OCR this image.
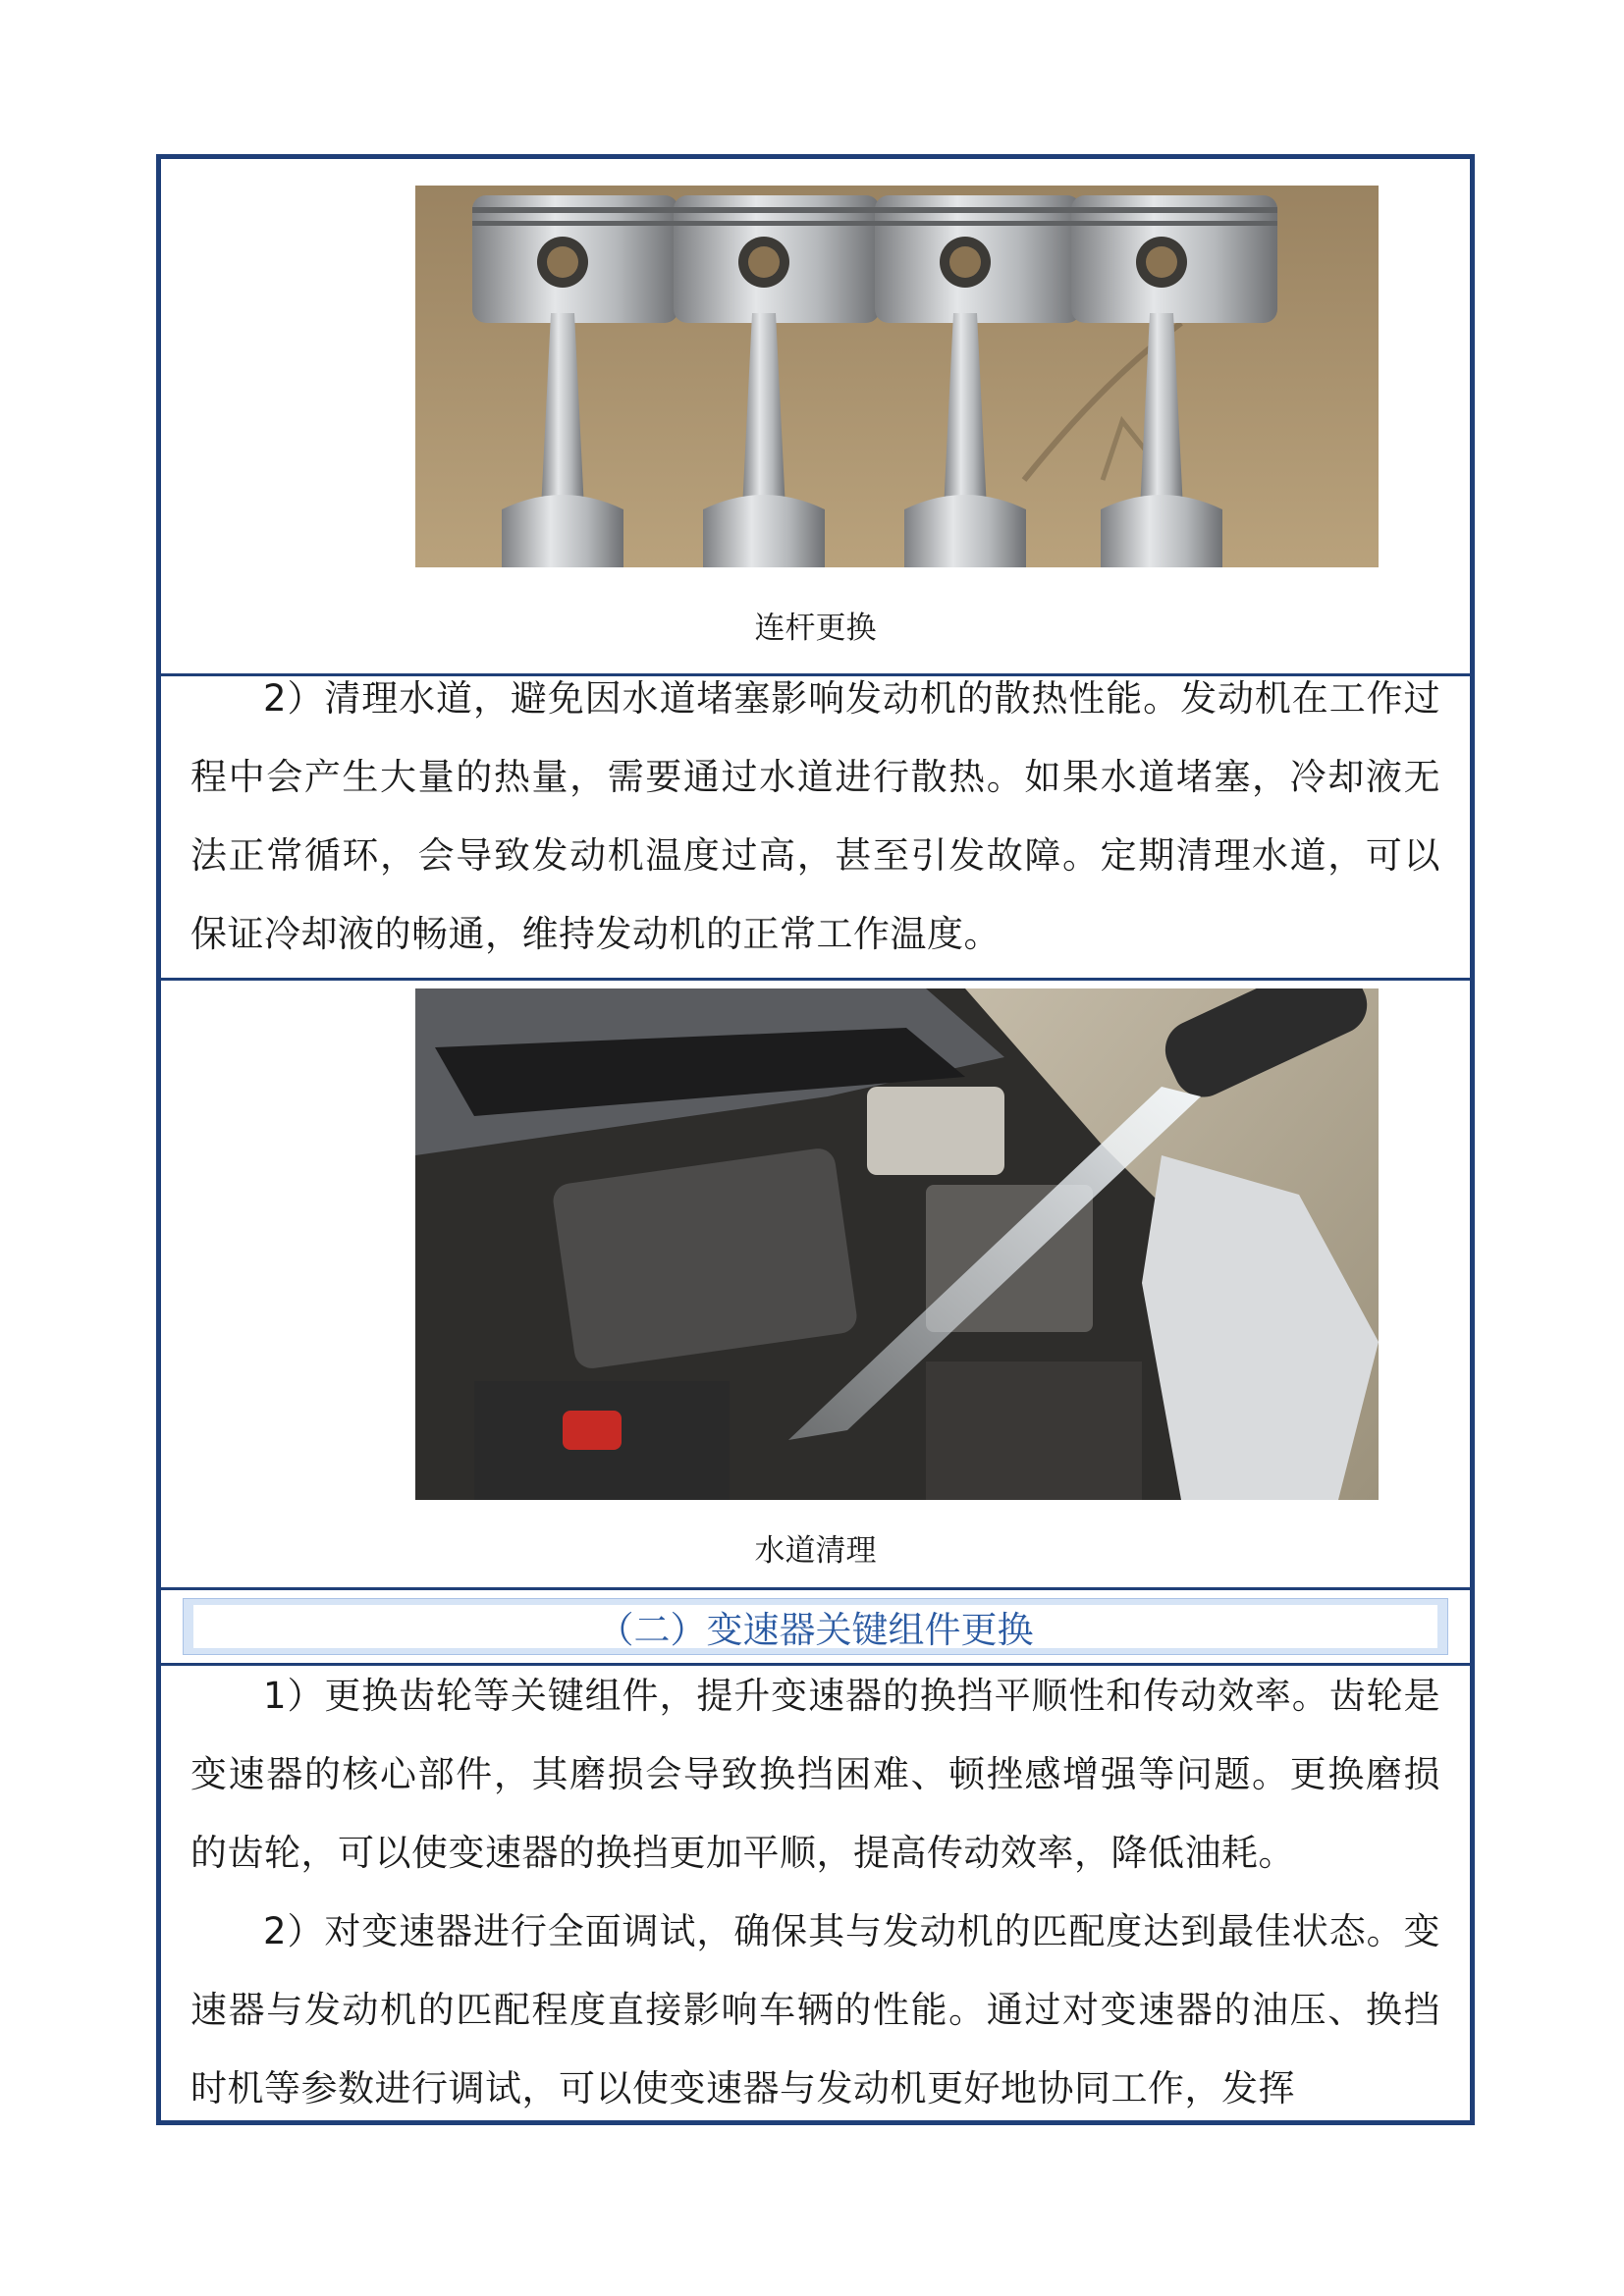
连杆更换
2）清理水道，避免因水道堵塞影响发动机的散热性能。发动机在工作过程中会产生大量的热量，需要通过水道进行散热。如果水道堵塞，冷却液无法正常循环，会导致发动机温度过高，甚至引发故障。定期清理水道，可以保证冷却液的畅通，维持发动机的正常工作温度。
水道清理
（二）变速器关键组件更换
1）更换齿轮等关键组件，提升变速器的换挡平顺性和传动效率。齿轮是变速器的核心部件，其磨损会导致换挡困难、顿挫感增强等问题。更换磨损的齿轮，可以使变速器的换挡更加平顺，提高传动效率，降低油耗。
2）对变速器进行全面调试，确保其与发动机的匹配度达到最佳状态。变速器与发动机的匹配程度直接影响车辆的性能。通过对变速器的油压、换挡时机等参数进行调试，可以使变速器与发动机更好地协同工作，发挥
